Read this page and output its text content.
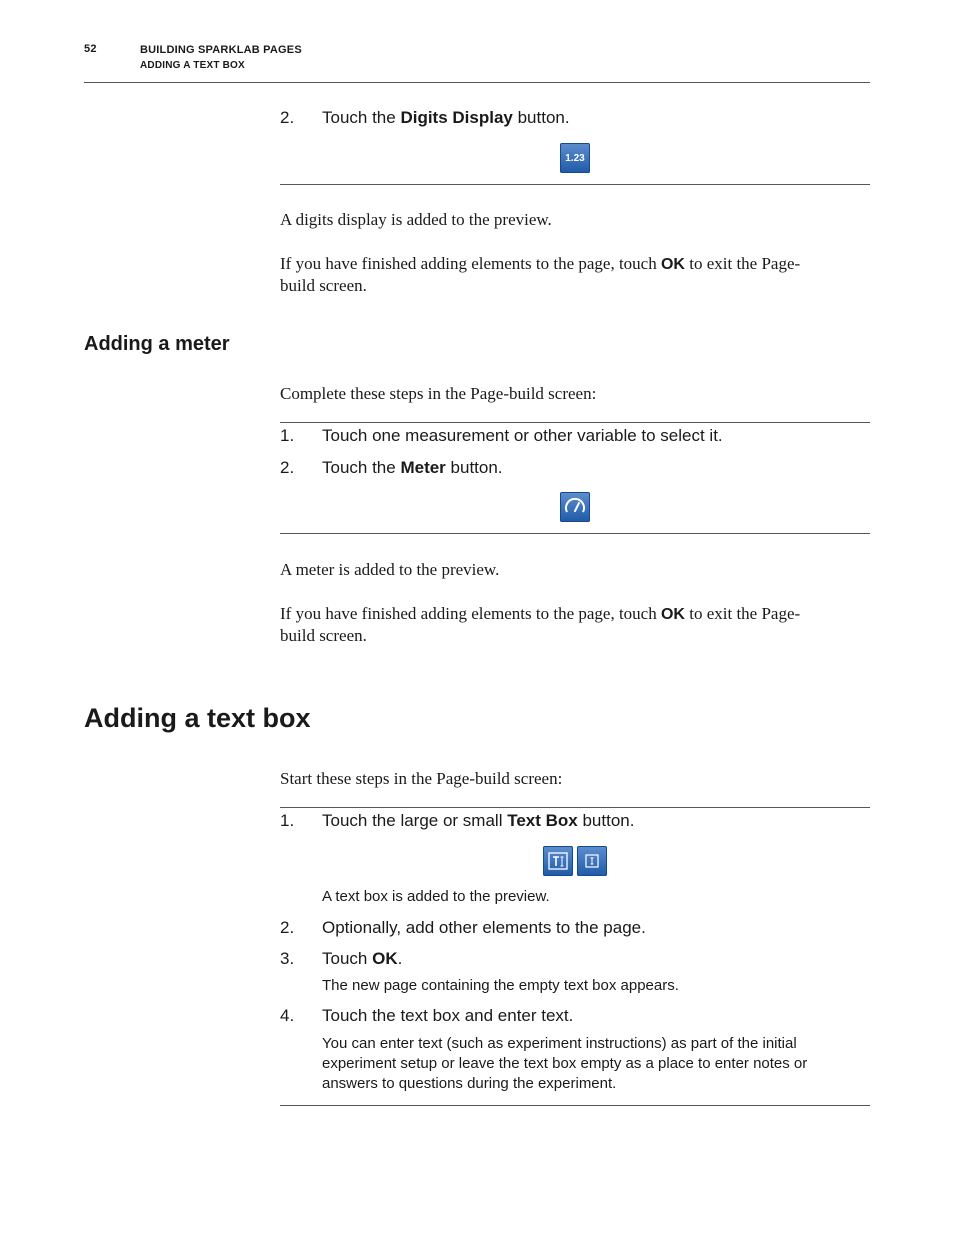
52	BUILDING SPARKLAB PAGES
ADDING A TEXT BOX
2. Touch the Digits Display button.
1.23
A digits display is added to the preview.
If you have finished adding elements to the page, touch OK to exit the Page-
build screen.
Adding a meter
Complete these steps in the Page-build screen:
1. Touch one measurement or other variable to select it.
2. Touch the Meter button.
A meter is added to the preview.
If you have finished adding elements to the page, touch OK to exit the Page-
build screen.
Adding a text box
Start these steps in the Page-build screen:
1. Touch the large or small Text Box button.
A text box is added to the preview.
2. Optionally, add other elements to the page.
3. Touch OK.
The new page containing the empty text box appears.
4. Touch the text box and enter text.
You can enter text (such as experiment instructions) as part of the initial
experiment setup or leave the text box empty as a place to enter notes or
answers to questions during the experiment.
